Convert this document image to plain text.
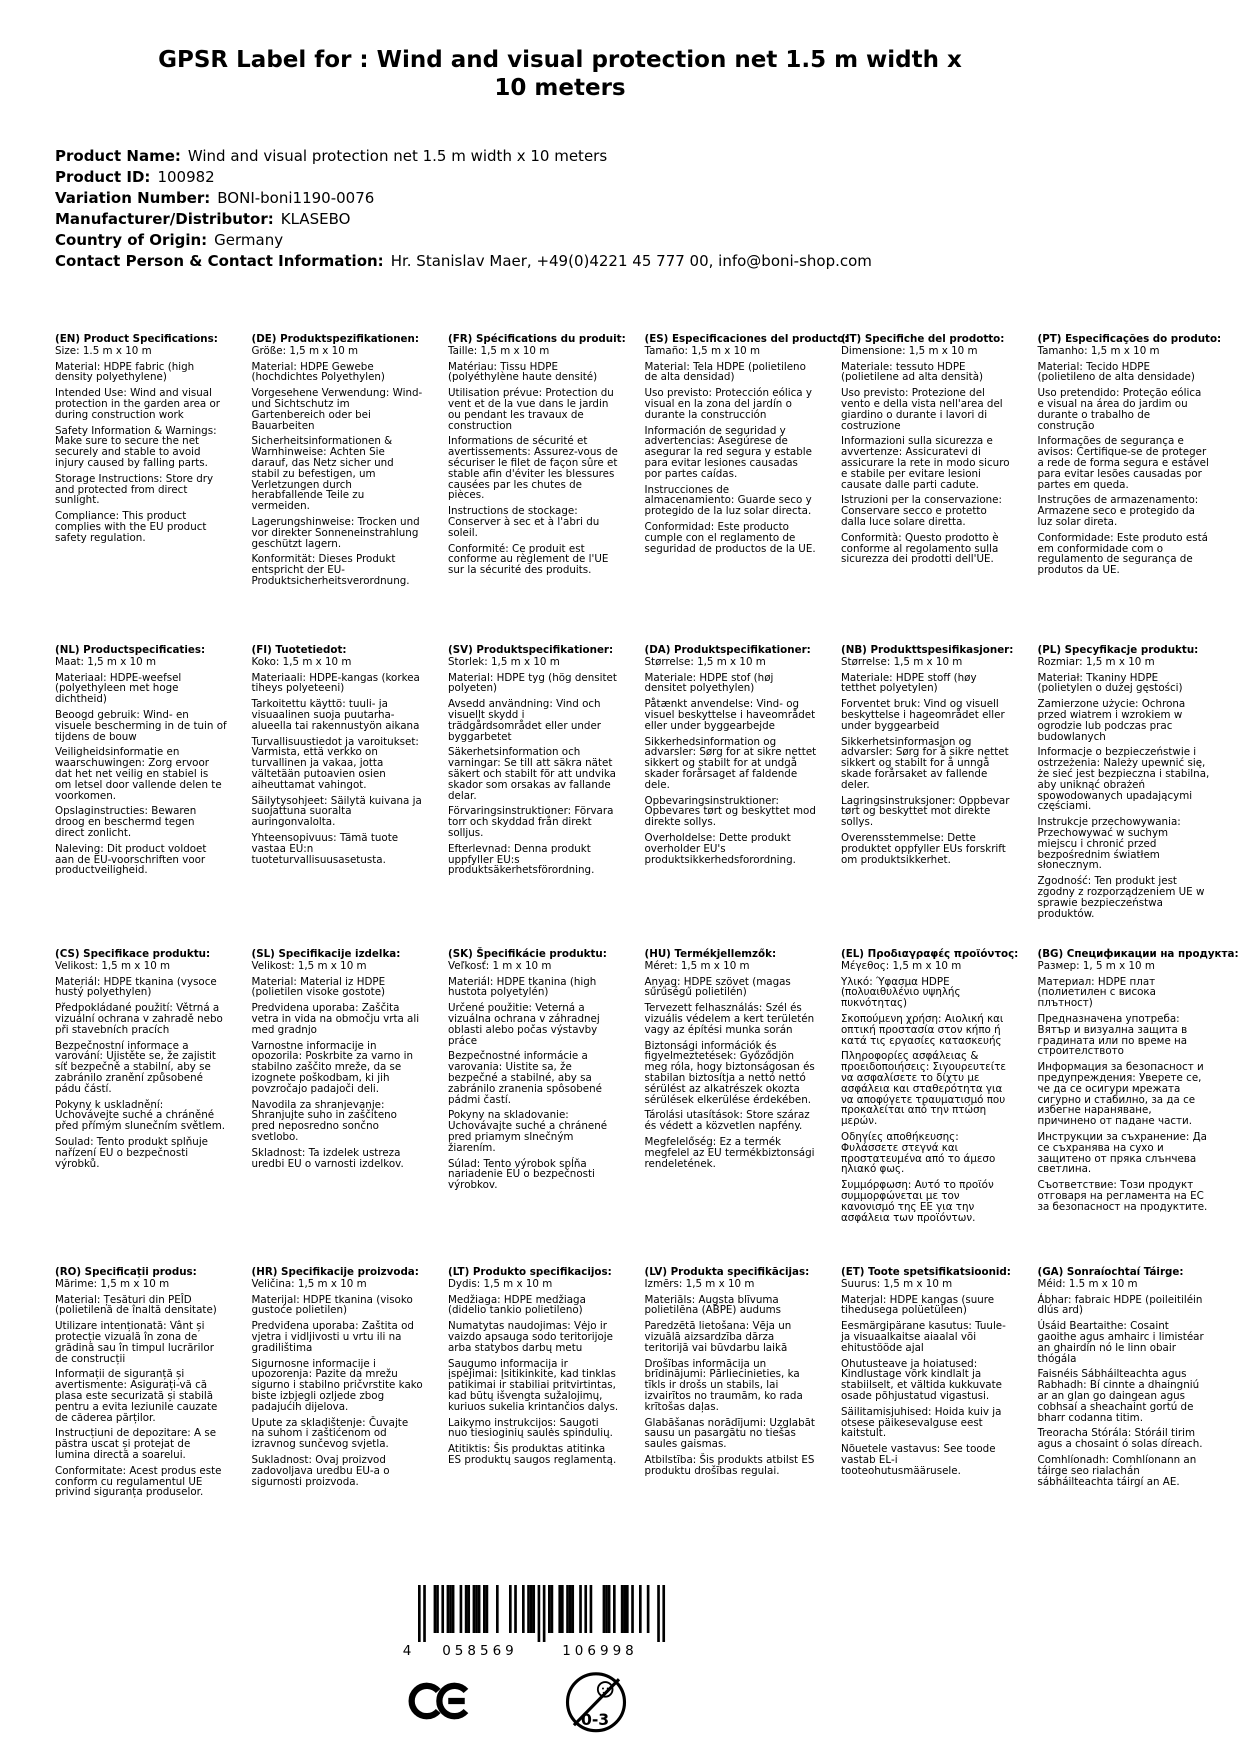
GPSR Label for : Wind and visual protection net 1.5 m width x 10 meters
Product Name: Wind and visual protection net 1.5 m width x 10 meters
Product ID: 100982
Variation Number: BONI-boni1190-0076
Manufacturer/Distributor: KLASEBO
Country of Origin: Germany
Contact Person & Contact Information: Hr. Stanislav Maer, +49(0)4221 45 777 00, info@boni-shop.com
(EN) Product Specifications:

Size: 1.5 m x 10 m

Material: HDPE fabric (high density polyethylene)

Intended Use: Wind and visual protection in the garden area or during construction work

Safety Information & Warnings: Make sure to secure the net securely and stable to avoid injury caused by falling parts.

Storage Instructions: Store dry and protected from direct sunlight.

Compliance: This product complies with the EU product safety regulation.

(DE) Produktspezifikationen:

Größe: 1,5 m x 10 m

Material: HDPE Gewebe (hochdichtes Polyethylen)

Vorgesehene Verwendung: Wind- und Sichtschutz im Gartenbereich oder bei Bauarbeiten

Sicherheitsinformationen & Warnhinweise: Achten Sie darauf, das Netz sicher und stabil zu befestigen, um Verletzungen durch herabfallende Teile zu vermeiden.

Lagerungshinweise: Trocken und vor direkter Sonneneinstrahlung geschützt lagern.

Konformität: Dieses Produkt entspricht der EU-Produktsicherheitsverordnung.

(FR) Spécifications du produit:

Taille: 1,5 m x 10 m

Matériau: Tissu HDPE (polyéthylène haute densité)

Utilisation prévue: Protection du vent et de la vue dans le jardin ou pendant les travaux de construction

Informations de sécurité et avertissements: Assurez-vous de sécuriser le filet de façon sûre et stable afin d'éviter les blessures causées par les chutes de pièces.

Instructions de stockage: Conserver à sec et à l'abri du soleil.

Conformité: Ce produit est conforme au règlement de l'UE sur la sécurité des produits.

(ES) Especificaciones del producto:

Tamaño: 1,5 m x 10 m

Material: Tela HDPE (polietileno de alta densidad)

Uso previsto: Protección eólica y visual en la zona del jardín o durante la construcción

Información de seguridad y advertencias: Asegúrese de asegurar la red segura y estable para evitar lesiones causadas por partes caídas.

Instrucciones de almacenamiento: Guarde seco y protegido de la luz solar directa.

Conformidad: Este producto cumple con el reglamento de seguridad de productos de la UE.

(IT) Specifiche del prodotto:

Dimensione: 1,5 m x 10 m

Materiale: tessuto HDPE (polietilene ad alta densità)

Uso previsto: Protezione del vento e della vista nell'area del giardino o durante i lavori di costruzione

Informazioni sulla sicurezza e avvertenze: Assicuratevi di assicurare la rete in modo sicuro e stabile per evitare lesioni causate dalle parti cadute.

Istruzioni per la conservazione: Conservare secco e protetto dalla luce solare diretta.

Conformità: Questo prodotto è conforme al regolamento sulla sicurezza dei prodotti dell'UE.

(PT) Especificações do produto:

Tamanho: 1,5 m x 10 m

Material: Tecido HDPE (polietileno de alta densidade)

Uso pretendido: Proteção eólica e visual na área do jardim ou durante o trabalho de construção

Informações de segurança e avisos: Certifique-se de proteger a rede de forma segura e estável para evitar lesões causadas por partes em queda.

Instruções de armazenamento: Armazene seco e protegido da luz solar direta.

Conformidade: Este produto está em conformidade com o regulamento de segurança de produtos da UE.

(NL) Productspecificaties:

Maat: 1,5 m x 10 m

Materiaal: HDPE-weefsel (polyethyleen met hoge dichtheid)

Beoogd gebruik: Wind- en visuele bescherming in de tuin of tijdens de bouw

Veiligheidsinformatie en waarschuwingen: Zorg ervoor dat het net veilig en stabiel is om letsel door vallende delen te voorkomen.

Opslaginstructies: Bewaren droog en beschermd tegen direct zonlicht.

Naleving: Dit product voldoet aan de EU-voorschriften voor productveiligheid.

(FI) Tuotetiedot:

Koko: 1,5 m x 10 m

Materiaali: HDPE-kangas (korkea tiheys polyeteeni)

Tarkoitettu käyttö: tuuli- ja visuaalinen suoja puutarha-alueella tai rakennustyön aikana

Turvallisuustiedot ja varoitukset: Varmista, että verkko on turvallinen ja vakaa, jotta vältetään putoavien osien aiheuttamat vahingot.

Säilytysohjeet: Säilytä kuivana ja suojattuna suoralta auringonvalolta.

Yhteensopivuus: Tämä tuote vastaa EU:n tuoteturvallisuusasetusta.

(SV) Produktspecifikationer:

Storlek: 1,5 m x 10 m

Material: HDPE tyg (hög densitet polyeten)

Avsedd användning: Vind och visuellt skydd i trädgårdsområdet eller under byggarbetet

Säkerhetsinformation och varningar: Se till att säkra nätet säkert och stabilt för att undvika skador som orsakas av fallande delar.

Förvaringsinstruktioner: Förvara torr och skyddad från direkt solljus.

Efterlevnad: Denna produkt uppfyller EU:s produktsäkerhetsförordning.

(DA) Produktspecifikationer:

Størrelse: 1,5 m x 10 m

Materiale: HDPE stof (høj densitet polyethylen)

Påtænkt anvendelse: Vind- og visuel beskyttelse i haveområdet eller under byggearbejde

Sikkerhedsinformation og advarsler: Sørg for at sikre nettet sikkert og stabilt for at undgå skader forårsaget af faldende dele.

Opbevaringsinstruktioner: Opbevares tørt og beskyttet mod direkte sollys.

Overholdelse: Dette produkt overholder EU's produktsikkerhedsforordning.

(NB) Produkttspesifikasjoner:

Størrelse: 1,5 m x 10 m

Materiale: HDPE stoff (høy tetthet polyetylen)

Forventet bruk: Vind og visuell beskyttelse i hageområdet eller under byggearbeid

Sikkerhetsinformasjon og advarsler: Sørg for å sikre nettet sikkert og stabilt for å unngå skade forårsaket av fallende deler.

Lagringsinstruksjoner: Oppbevar tørt og beskyttet mot direkte sollys.

Overensstemmelse: Dette produktet oppfyller EUs forskrift om produktsikkerhet.

(PL) Specyfikacje produktu:

Rozmiar: 1,5 m x 10 m

Materiał: Tkaniny HDPE (polietylen o dużej gęstości)

Zamierzone użycie: Ochrona przed wiatrem i wzrokiem w ogrodzie lub podczas prac budowlanych

Informacje o bezpieczeństwie i ostrzeżenia: Należy upewnić się, że sieć jest bezpieczna i stabilna, aby uniknąć obrażeń spowodowanych upadającymi częściami.

Instrukcje przechowywania: Przechowywać w suchym miejscu i chronić przed bezpośrednim światłem słonecznym.

Zgodność: Ten produkt jest zgodny z rozporządzeniem UE w sprawie bezpieczeństwa produktów.

(CS) Specifikace produktu:

Velikost: 1,5 m x 10 m

Materiál: HDPE tkanina (vysoce hustý polyethylen)

Předpokládané použití: Větrná a vizuální ochrana v zahradě nebo při stavebních pracích

Bezpečnostní informace a varování: Ujistěte se, že zajistit síť bezpečně a stabilní, aby se zabránilo zranění způsobené pádu částí.

Pokyny k uskladnění: Uchovávejte suché a chráněné před přímým slunečním světlem.

Soulad: Tento produkt splňuje nařízení EU o bezpečnosti výrobků.

(SL) Specifikacije izdelka:

Velikost: 1,5 m x 10 m

Material: Material iz HDPE (polietilen visoke gostote)

Predvidena uporaba: Zaščita vetra in vida na območju vrta ali med gradnjo

Varnostne informacije in opozorila: Poskrbite za varno in stabilno zaščito mreže, da se izognete poškodbam, ki jih povzročajo padajoči deli.

Navodila za shranjevanje: Shranjujte suho in zaščiteno pred neposredno sončno svetlobo.

Skladnost: Ta izdelek ustreza uredbi EU o varnosti izdelkov.

(SK) Špecifikácie produktu:

Veľkosť: 1 m x 10 m

Materiál: HDPE tkanina (high hustota polyetylén)

Určené použitie: Veterná a vizuálna ochrana v záhradnej oblasti alebo počas výstavby práce

Bezpečnostné informácie a varovania: Uistite sa, že bezpečné a stabilné, aby sa zabránilo zranenia spôsobené pádmi častí.

Pokyny na skladovanie: Uchovávajte suché a chránené pred priamym slnečným žiarením.

Súlad: Tento výrobok spĺňa nariadenie EÚ o bezpečnosti výrobkov.

(HU) Termékjellemzők:

Méret: 1,5 m x 10 m

Anyag: HDPE szövet (magas sűrűségű polietilén)

Tervezett felhasználás: Szél és vizuális védelem a kert területén vagy az építési munka során

Biztonsági információk és figyelmeztetések: Győződjön meg róla, hogy biztonságosan és stabilan biztosítja a nettó nettó sérülést az alkatrészek okozta sérülések elkerülése érdekében.

Tárolási utasítások: Store száraz és védett a közvetlen napfény.

Megfelelőség: Ez a termék megfelel az EU termékbiztonsági rendeletének.

(EL) Προδιαγραφές προϊόντος:

Μέγεθος: 1,5 m x 10 m

Υλικό: Ύφασμα HDPE (πολυαιθυλένιο υψηλής πυκνότητας)

Σκοπούμενη χρήση: Αιολική και οπτική προστασία στον κήπο ή κατά τις εργασίες κατασκευής

Πληροφορίες ασφάλειας & προειδοποιήσεις: Σιγουρευτείτε να ασφαλίσετε το δίχτυ με ασφάλεια και σταθερότητα για να αποφύγετε τραυματισμό που προκαλείται από την πτώση μερών.

Οδηγίες αποθήκευσης: Φυλάσσετε στεγνά και προστατευμένα από το άμεσο ηλιακό φως.

Συμμόρφωση: Αυτό το προϊόν συμμορφώνεται με τον κανονισμό της ΕΕ για την ασφάλεια των προϊόντων.

(BG) Спецификации на продукта:

Размер: 1, 5 m x 10 m

Материал: HDPE плат (полиетилен с висока плътност)

Предназначена употреба: Вятър и визуална защита в градината или по време на строителството

Информация за безопасност и предупреждения: Уверете се, че да се осигури мрежата сигурно и стабилно, за да се избегне нараняване, причинено от падане части.

Инструкции за съхранение: Да се съхранява на сухо и защитено от пряка слънчева светлина.

Съответствие: Този продукт отговаря на регламента на ЕС за безопасност на продуктите.

(RO) Specificații produs:

Mărime: 1,5 m x 10 m

Material: Țesături din PEÎD (polietilenă de înaltă densitate)

Utilizare intenționată: Vânt și protecție vizuală în zona de grădină sau în timpul lucrărilor de construcții

Informații de siguranță și avertismente: Asigurați-vă că plasa este securizată și stabilă pentru a evita leziunile cauzate de căderea părților.

Instrucțiuni de depozitare: A se păstra uscat și protejat de lumina directă a soarelui.

Conformitate: Acest produs este conform cu regulamentul UE privind siguranța produselor.

(HR) Specifikacije proizvoda:

Veličina: 1,5 m x 10 m

Materijal: HDPE tkanina (visoko gustoće polietilen)

Predviđena uporaba: Zaštita od vjetra i vidljivosti u vrtu ili na gradilištima

Sigurnosne informacije i upozorenja: Pazite da mrežu sigurno i stabilno pričvrstite kako biste izbjegli ozljede zbog padajućih dijelova.

Upute za skladištenje: Čuvajte na suhom i zaštićenom od izravnog sunčevog svjetla.

Sukladnost: Ovaj proizvod zadovoljava uredbu EU-a o sigurnosti proizvoda.

(LT) Produkto specifikacijos:

Dydis: 1,5 m x 10 m

Medžiaga: HDPE medžiaga (didelio tankio polietileno)

Numatytas naudojimas: Vėjo ir vaizdo apsauga sodo teritorijoje arba statybos darbų metu

Saugumo informacija ir įspėjimai: Įsitikinkite, kad tinklas patikimai ir stabiliai pritvirtintas, kad būtų išvengta sužalojimų, kuriuos sukelia krintančios dalys.

Laikymo instrukcijos: Saugoti nuo tiesioginių saulės spindulių.

Atitiktis: Šis produktas atitinka ES produktų saugos reglamentą.

(LV) Produkta specifikācijas:

Izmērs: 1,5 m x 10 m

Materiāls: Augsta blīvuma polietilēna (ABPE) audums

Paredzētā lietošana: Vēja un vizuālā aizsardzība dārza teritorijā vai būvdarbu laikā

Drošības informācija un brīdinājumi: Pārliecinieties, ka tīkls ir drošs un stabils, lai izvairītos no traumām, ko rada krītošas daļas.

Glabāšanas norādījumi: Uzglabāt sausu un pasargātu no tiešas saules gaismas.

Atbilstība: Šis produkts atbilst ES produktu drošības regulai.

(ET) Toote spetsifikatsioonid:

Suurus: 1,5 m x 10 m

Materjal: HDPE kangas (suure tihedusega polüetüleen)

Eesmärgipärane kasutus: Tuule- ja visuaalkaitse aiaalal või ehitustööde ajal

Ohutusteave ja hoiatused: Kindlustage võrk kindlalt ja stabiilselt, et vältida kukkuvate osade põhjustatud vigastusi.

Säilitamisjuhised: Hoida kuiv ja otsese päikesevalguse eest kaitstult.

Nõuetele vastavus: See toode vastab EL-i tooteohutusmäärusele.

(GA) Sonraíochtaí Táirge:

Méid: 1.5 m x 10 m

Ábhar: fabraic HDPE (poileitiléin dlús ard)

Úsáid Beartaithe: Cosaint gaoithe agus amhairc i limistéar an ghairdín nó le linn obair thógála

Faisnéis Sábháilteachta agus Rabhadh: Bí cinnte a dhaingniú ar an glan go daingean agus cobhsaí a sheachaint gortú de bharr codanna titim.

Treoracha Stórála: Stóráil tirim agus a chosaint ó solas díreach.

Comhlíonadh: Comhlíonann an táirge seo rialachán sábháilteachta táirgí an AE.

4 058569	106998
0-3
